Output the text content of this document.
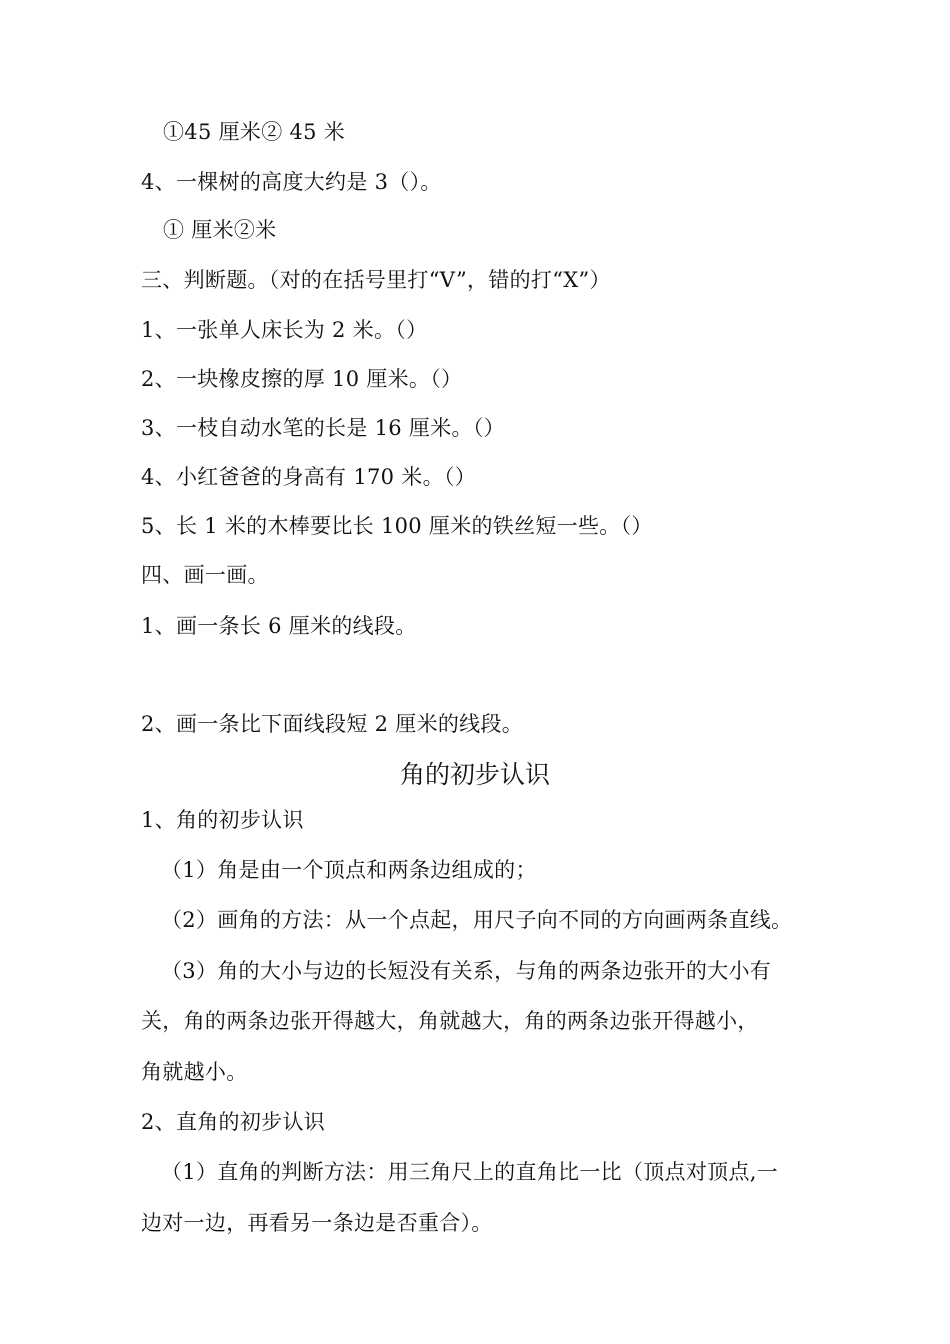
①45 厘米② 45 米
4、一棵树的高度大约是 3（）。
① 厘米②米
三、判断题。（对的在括号里打“V”，错的打“X”）
1、一张单人床长为 2 米。（）
2、一块橡皮擦的厚 10 厘米。（）
3、一枝自动水笔的长是 16 厘米。（）
4、小红爸爸的身高有 170 米。（）
5、长 1 米的木棒要比长 100 厘米的铁丝短一些。（）
四、画一画。
1、画一条长 6 厘米的线段。
2、画一条比下面线段短 2 厘米的线段。
角的初步认识
1、角的初步认识
（1）角是由一个顶点和两条边组成的；
（2）画角的方法：从一个点起，用尺子向不同的方向画两条直线。
（3）角的大小与边的长短没有关系，与角的两条边张开的大小有
关，角的两条边张开得越大，角就越大，角的两条边张开得越小，
角就越小。
2、直角的初步认识
（1）直角的判断方法：用三角尺上的直角比一比（顶点对顶点,一
边对一边，再看另一条边是否重合）。
